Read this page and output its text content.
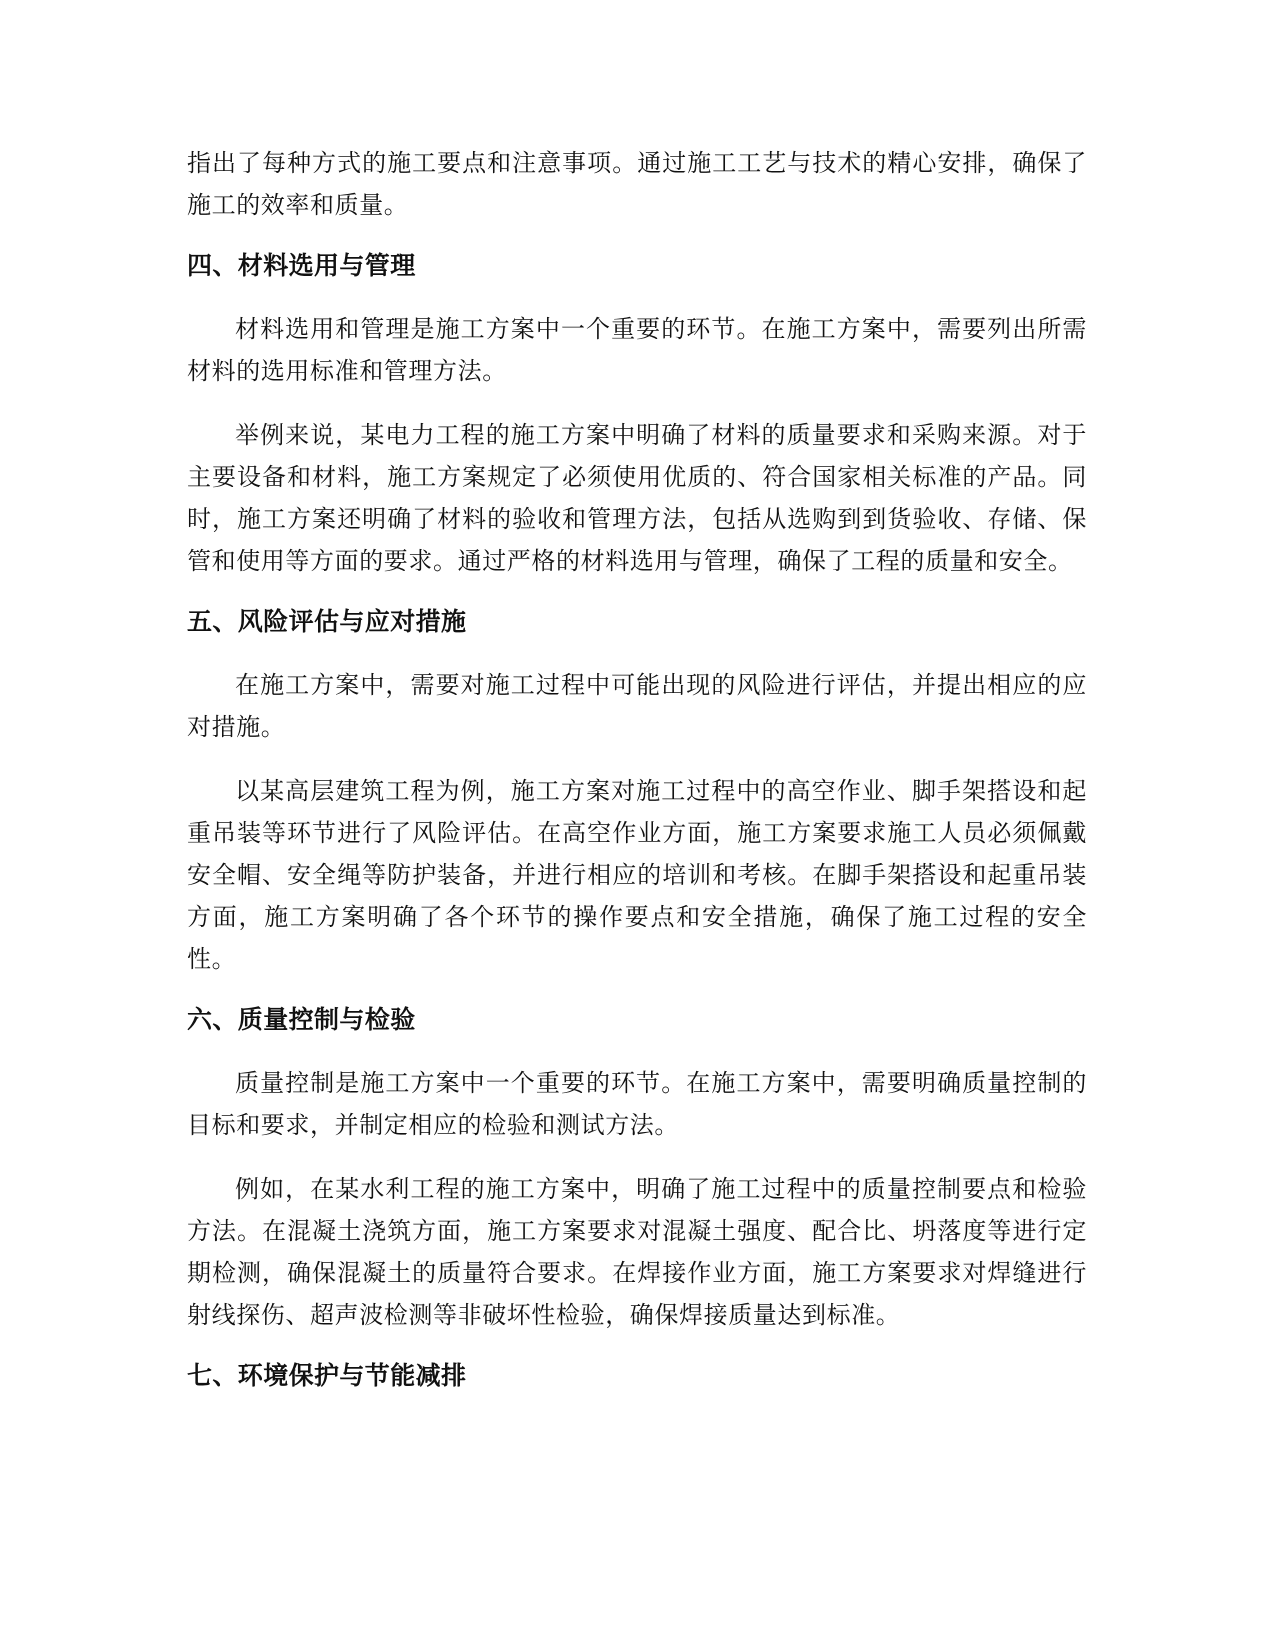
指出了每种方式的施工要点和注意事项。通过施工工艺与技术的精心安排，确保了施工的效率和质量。

四、材料选用与管理

材料选用和管理是施工方案中一个重要的环节。在施工方案中，需要列出所需材料的选用标准和管理方法。

举例来说，某电力工程的施工方案中明确了材料的质量要求和采购来源。对于主要设备和材料，施工方案规定了必须使用优质的、符合国家相关标准的产品。同时，施工方案还明确了材料的验收和管理方法，包括从选购到到货验收、存储、保管和使用等方面的要求。通过严格的材料选用与管理，确保了工程的质量和安全。

五、风险评估与应对措施

在施工方案中，需要对施工过程中可能出现的风险进行评估，并提出相应的应对措施。

以某高层建筑工程为例，施工方案对施工过程中的高空作业、脚手架搭设和起重吊装等环节进行了风险评估。在高空作业方面，施工方案要求施工人员必须佩戴安全帽、安全绳等防护装备，并进行相应的培训和考核。在脚手架搭设和起重吊装方面，施工方案明确了各个环节的操作要点和安全措施，确保了施工过程的安全性。

六、质量控制与检验

质量控制是施工方案中一个重要的环节。在施工方案中，需要明确质量控制的目标和要求，并制定相应的检验和测试方法。

例如，在某水利工程的施工方案中，明确了施工过程中的质量控制要点和检验方法。在混凝土浇筑方面，施工方案要求对混凝土强度、配合比、坍落度等进行定期检测，确保混凝土的质量符合要求。在焊接作业方面，施工方案要求对焊缝进行射线探伤、超声波检测等非破坏性检验，确保焊接质量达到标准。

七、环境保护与节能减排
